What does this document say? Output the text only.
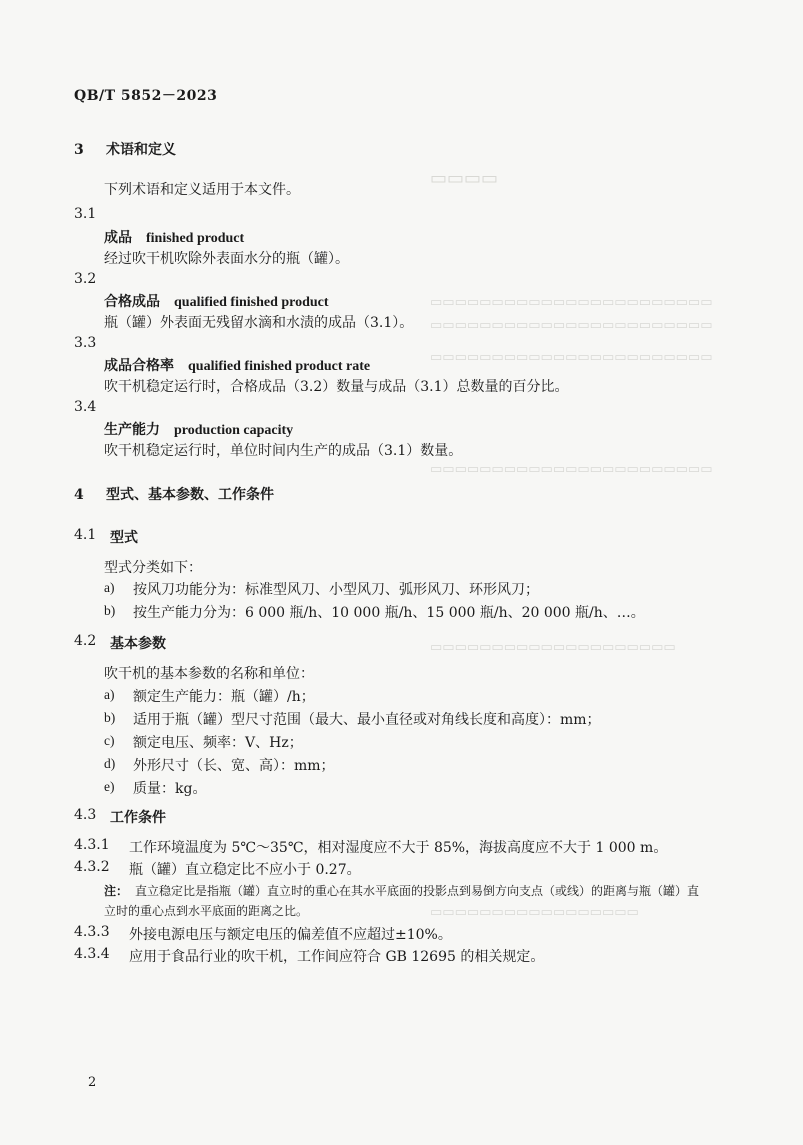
▭▭▭▭
▭▭▭▭▭▭▭▭▭▭▭▭▭▭▭▭▭▭▭▭▭▭▭
▭▭▭▭▭▭▭▭▭▭▭▭▭▭▭▭▭▭▭▭▭▭▭
▭▭▭▭▭▭▭▭▭▭▭▭▭▭▭▭▭▭▭▭▭▭▭
▭▭▭▭▭▭▭▭▭▭▭▭▭▭▭▭▭▭▭▭▭▭▭
▭▭▭▭▭▭▭▭▭▭▭▭▭▭▭▭▭▭▭▭
▭▭▭▭▭▭▭▭▭▭▭▭▭▭▭▭▭
QB/T 5852－2023
3 术语和定义
下列术语和定义适用于本文件。
3.1
成品 finished product
经过吹干机吹除外表面水分的瓶（罐）。
3.2
合格成品 qualified finished product
瓶（罐）外表面无残留水滴和水渍的成品（3.1）。
3.3
成品合格率 qualified finished product rate
吹干机稳定运行时，合格成品（3.2）数量与成品（3.1）总数量的百分比。
3.4
生产能力 production capacity
吹干机稳定运行时，单位时间内生产的成品（3.1）数量。
4 型式、基本参数、工作条件
4.1 型式
型式分类如下：
a) 按风刀功能分为：标准型风刀、小型风刀、弧形风刀、环形风刀；
b) 按生产能力分为：6 000 瓶/h、10 000 瓶/h、15 000 瓶/h、20 000 瓶/h、…。
4.2 基本参数
吹干机的基本参数的名称和单位：
a) 额定生产能力：瓶（罐）/h；
b) 适用于瓶（罐）型尺寸范围（最大、最小直径或对角线长度和高度）：mm；
c) 额定电压、频率：V、Hz；
d) 外形尺寸（长、宽、高）：mm；
e) 质量：kg。
4.3 工作条件
4.3.1 工作环境温度为 5℃～35℃，相对湿度应不大于 85%，海拔高度应不大于 1 000 m。
4.3.2 瓶（罐）直立稳定比不应小于 0.27。
注： 直立稳定比是指瓶（罐）直立时的重心在其水平底面的投影点到易倒方向支点（或线）的距离与瓶（罐）直
立时的重心点到水平底面的距离之比。
4.3.3 外接电源电压与额定电压的偏差值不应超过±10%。
4.3.4 应用于食品行业的吹干机，工作间应符合 GB 12695 的相关规定。
2
